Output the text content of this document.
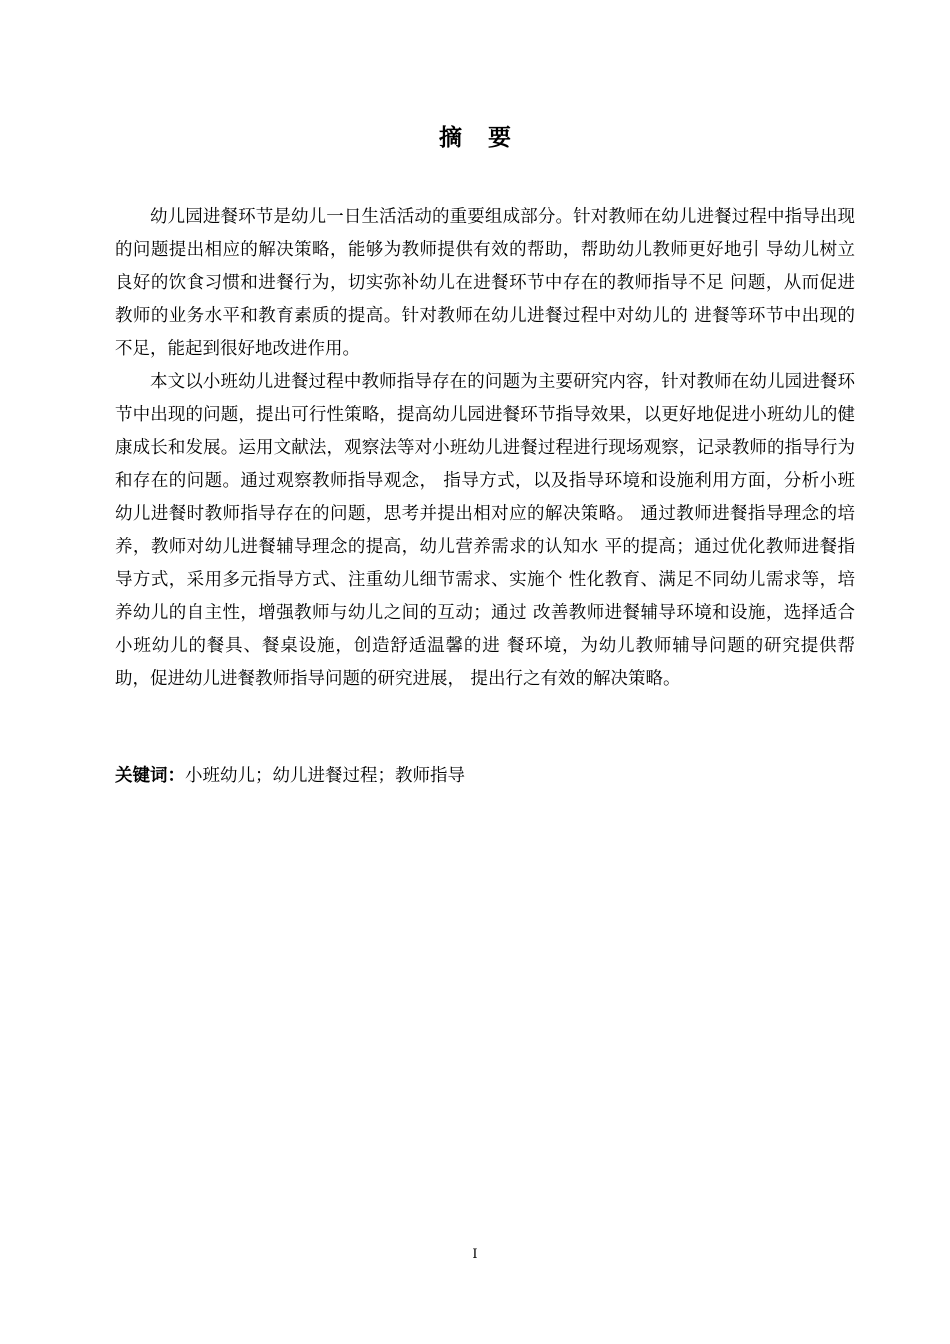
摘要

幼儿园进餐环节是幼儿一日生活活动的重要组成部分。针对教师在幼儿进餐过程中指导出现的问题提出相应的解决策略，能够为教师提供有效的帮助，帮助幼儿教师更好地引 导幼儿树立良好的饮食习惯和进餐行为，切实弥补幼儿在进餐环节中存在的教师指导不足 问题，从而促进教师的业务水平和教育素质的提高。针对教师在幼儿进餐过程中对幼儿的 进餐等环节中出现的不足，能起到很好地改进作用。

本文以小班幼儿进餐过程中教师指导存在的问题为主要研究内容，针对教师在幼儿园进餐环节中出现的问题，提出可行性策略，提高幼儿园进餐环节指导效果，以更好地促进小班幼儿的健康成长和发展。运用文献法，观察法等对小班幼儿进餐过程进行现场观察，记录教师的指导行为和存在的问题。通过观察教师指导观念， 指导方式，以及指导环境和设施利用方面，分析小班幼儿进餐时教师指导存在的问题，思考并提出相对应的解决策略。 通过教师进餐指导理念的培养，教师对幼儿进餐辅导理念的提高，幼儿营养需求的认知水 平的提高；通过优化教师进餐指导方式，采用多元指导方式、注重幼儿细节需求、实施个 性化教育、满足不同幼儿需求等，培养幼儿的自主性，增强教师与幼儿之间的互动；通过 改善教师进餐辅导环境和设施，选择适合小班幼儿的餐具、餐桌设施，创造舒适温馨的进 餐环境，为幼儿教师辅导问题的研究提供帮助，促进幼儿进餐教师指导问题的研究进展， 提出行之有效的解决策略。

关键词：小班幼儿；幼儿进餐过程；教师指导
I
